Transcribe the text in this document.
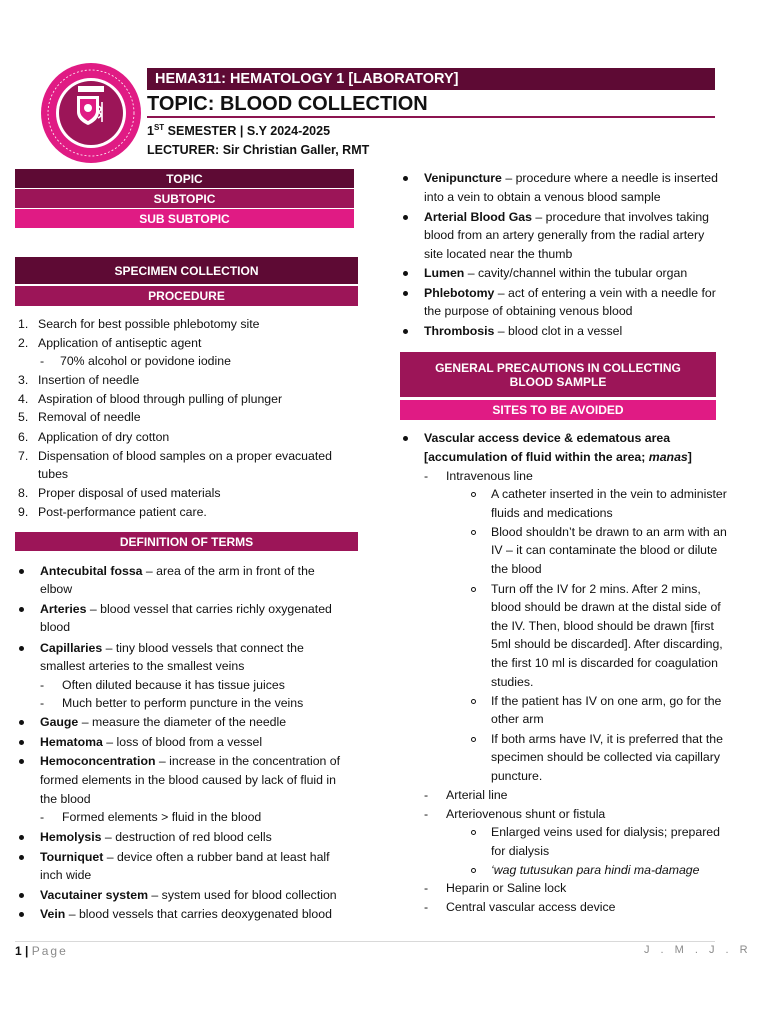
HEMA311: HEMATOLOGY 1 [LABORATORY]
TOPIC: BLOOD COLLECTION
1ST SEMESTER | S.Y 2024-2025
LECTURER: Sir Christian Galler, RMT
TOPIC
SUBTOPIC
SUB SUBTOPIC
SPECIMEN COLLECTION
PROCEDURE
1. Search for best possible phlebotomy site
2. Application of antiseptic agent
- 70% alcohol or povidone iodine
3. Insertion of needle
4. Aspiration of blood through pulling of plunger
5. Removal of needle
6. Application of dry cotton
7. Dispensation of blood samples on a proper evacuated
tubes
8. Proper disposal of used materials
9. Post-performance patient care.
DEFINITION OF TERMS
Antecubital fossa – area of the arm in front of the
elbow
Arteries – blood vessel that carries richly oxygenated
blood
Capillaries – tiny blood vessels that connect the
smallest arteries to the smallest veins
- Often diluted because it has tissue juices
- Much better to perform puncture in the veins
Gauge – measure the diameter of the needle
Hematoma – loss of blood from a vessel
Hemoconcentration – increase in the concentration of
formed elements in the blood caused by lack of fluid in
the blood
- Formed elements > fluid in the blood
Hemolysis – destruction of red blood cells
Tourniquet – device often a rubber band at least half
inch wide
Vacutainer system – system used for blood collection
Vein – blood vessels that carries deoxygenated blood
Venipuncture – procedure where a needle is inserted
into a vein to obtain a venous blood sample
Arterial Blood Gas – procedure that involves taking
blood from an artery generally from the radial artery
site located near the thumb
Lumen – cavity/channel within the tubular organ
Phlebotomy – act of entering a vein with a needle for
the purpose of obtaining venous blood
Thrombosis – blood clot in a vessel
GENERAL PRECAUTIONS IN COLLECTING
BLOOD SAMPLE
SITES TO BE AVOIDED
Vascular access device & edematous area
[accumulation of fluid within the area; manas]
- Intravenous line
A catheter inserted in the vein to administer
fluids and medications
Blood shouldn’t be drawn to an arm with an
IV – it can contaminate the blood or dilute
the blood
Turn off the IV for 2 mins. After 2 mins,
blood should be drawn at the distal side of
the IV. Then, blood should be drawn [first
5ml should be discarded]. After discarding,
the first 10 ml is discarded for coagulation
studies.
If the patient has IV on one arm, go for the
other arm
If both arms have IV, it is preferred that the
specimen should be collected via capillary
puncture.
- Arterial line
- Arteriovenous shunt or fistula
Enlarged veins used for dialysis; prepared
for dialysis
‘wag tutusukan para hindi ma-damage
- Heparin or Saline lock
- Central vascular access device
1 | Page	J . M . J . R
